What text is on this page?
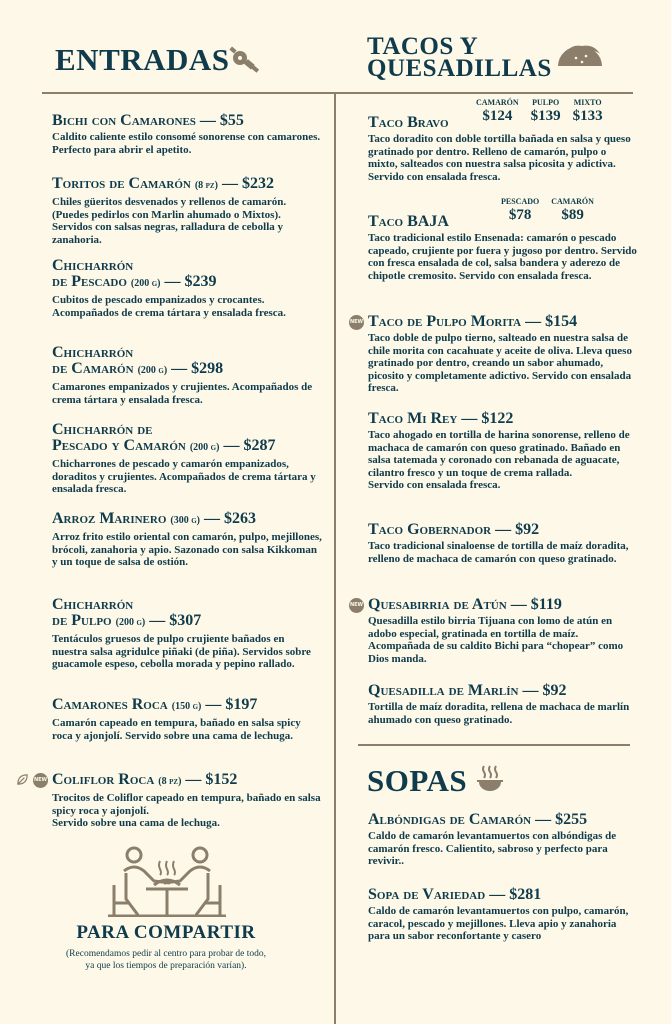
ENTRADAS	TACOS Y
QUESADILLAS
SOPAS
Bichi con Camarones — $55
Caldito caliente estilo consomé sonorense con camarones. Perfecto para abrir el apetito.
Toritos de Camarón (8 pz) — $232
Chiles güeritos desvenados y rellenos de camarón. (Puedes pedirlos con Marlin ahumado o Mixtos). Servidos con salsas negras, ralladura de cebolla y zanahoria.
Chicharrón
de Pescado (200 g) — $239
Cubitos de pescado empanizados y crocantes. Acompañados de crema tártara y ensalada fresca.
Chicharrón
de Camarón (200 g) — $298
Camarones empanizados y crujientes. Acompañados de crema tártara y ensalada fresca.
Chicharrón de
Pescado y Camarón (200 g) — $287
Chicharrones de pescado y camarón empanizados, doraditos y crujientes. Acompañados de crema tártara y ensalada fresca.
Arroz Marinero (300 g) — $263
Arroz frito estilo oriental con camarón, pulpo, mejillones, brócoli, zanahoria y apio. Sazonado con salsa Kikkoman y un toque de salsa de ostión.
Chicharrón
de Pulpo (200 g) — $307
Tentáculos gruesos de pulpo crujiente bañados en nuestra salsa agridulce piñaki (de piña). Servidos sobre guacamole espeso, cebolla morada y pepino rallado.
Camarones Roca (150 g) — $197
Camarón capeado en tempura, bañado en salsa spicy roca y ajonjolí. Servido sobre una cama de lechuga.
Coliflor Roca (8 pz) — $152
NEW
Trocitos de Coliflor capeado en tempura, bañado en salsa spicy roca y ajonjolí.
Servido sobre una cama de lechuga.
Taco Bravo
CAMARÓN
$124
PULPO
$139
MIXTO
$133
Taco doradito con doble tortilla bañada en salsa y queso gratinado por dentro. Relleno de camarón, pulpo o mixto, salteados con nuestra salsa picosita y adictiva. Servido con ensalada fresca.
Taco BAJA
PESCADO
$78
CAMARÓN
$89
Taco tradicional estilo Ensenada: camarón o pescado capeado, crujiente por fuera y jugoso por dentro. Servido con fresca ensalada de col, salsa bandera y aderezo de chipotle cremosito. Servido con ensalada fresca.
Taco de Pulpo Morita — $154
NEW
Taco doble de pulpo tierno, salteado en nuestra salsa de chile morita con cacahuate y aceite de oliva. Lleva queso gratinado por dentro, creando un sabor ahumado, picosito y completamente adictivo. Servido con ensalada fresca.
Taco Mi Rey — $122
Taco ahogado en tortilla de harina sonorense, relleno de machaca de camarón con queso gratinado. Bañado en salsa tatemada y coronado con rebanada de aguacate, cilantro fresco y un toque de crema rallada.
Servido con ensalada fresca.
Taco Gobernador — $92
Taco tradicional sinaloense de tortilla de maíz doradita, relleno de machaca de camarón con queso gratinado.
Quesabirria de Atún — $119
NEW
Quesadilla estilo birria Tijuana con lomo de atún en adobo especial, gratinada en tortilla de maíz. Acompañada de su caldito Bichi para “chopear” como Dios manda.
Quesadilla de Marlín — $92
Tortilla de maíz doradita, rellena de machaca de marlín ahumado con queso gratinado.
Albóndigas de Camarón — $255
Caldo de camarón levantamuertos con albóndigas de camarón fresco. Calientito, sabroso y perfecto para revivir..
Sopa de Variedad — $281
Caldo de camarón levantamuertos con pulpo, camarón, caracol, pescado y mejillones. Lleva apio y zanahoria para un sabor reconfortante y casero
PARA COMPARTIR
(Recomendamos pedir al centro para probar de todo,
ya que los tiempos de preparación varían).
